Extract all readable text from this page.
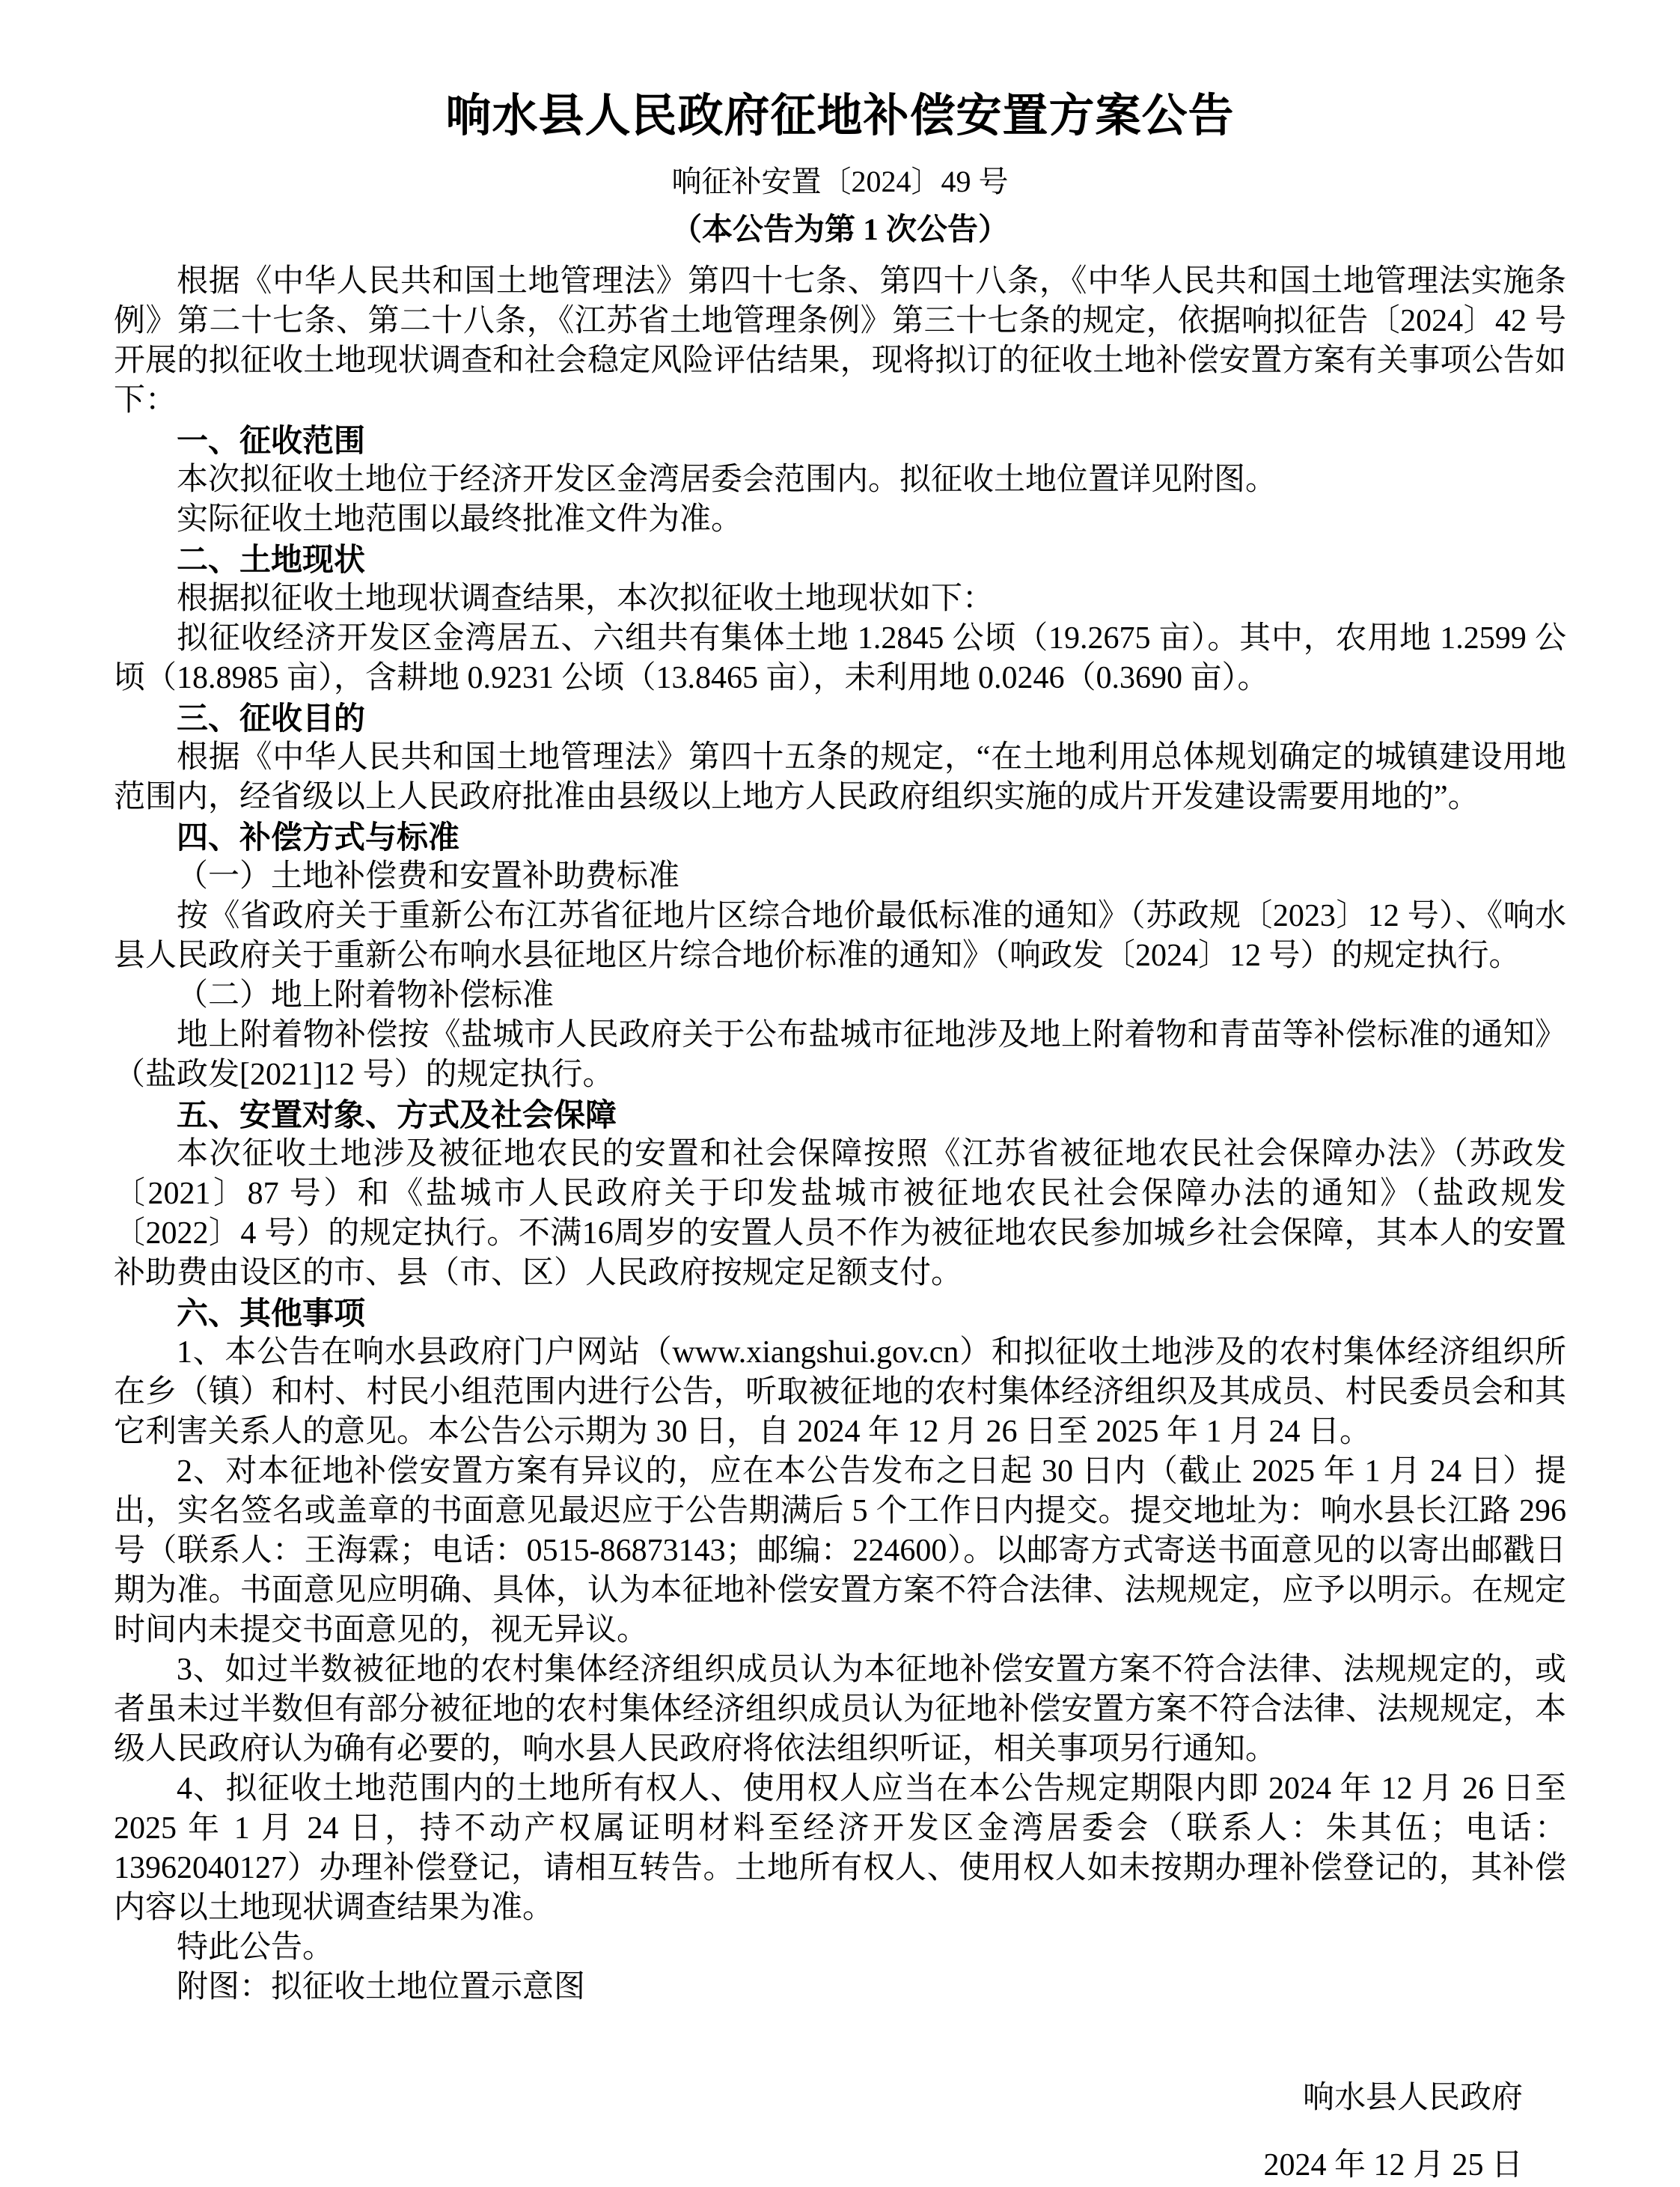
响水县人民政府征地补偿安置方案公告
响征补安置〔2024〕49 号
（本公告为第 1 次公告）

根据《中华人民共和国土地管理法》第四十七条、第四十八条，《中华人民共和国土地管理法实施条例》第二十七条、第二十八条，《江苏省土地管理条例》第三十七条的规定，依据响拟征告〔2024〕42 号开展的拟征收土地现状调查和社会稳定风险评估结果，现将拟订的征收土地补偿安置方案有关事项公告如下：

一、征收范围

本次拟征收土地位于经济开发区金湾居委会范围内。拟征收土地位置详见附图。

实际征收土地范围以最终批准文件为准。

二、土地现状

根据拟征收土地现状调查结果，本次拟征收土地现状如下：

拟征收经济开发区金湾居五、六组共有集体土地 1.2845 公顷（19.2675 亩）。其中，农用地 1.2599 公顷（18.8985 亩），含耕地 0.9231 公顷（13.8465 亩），未利用地 0.0246（0.3690 亩）。

三、征收目的

根据《中华人民共和国土地管理法》第四十五条的规定，“在土地利用总体规划确定的城镇建设用地范围内，经省级以上人民政府批准由县级以上地方人民政府组织实施的成片开发建设需要用地的”。

四、补偿方式与标准

（一）土地补偿费和安置补助费标准

按《省政府关于重新公布江苏省征地片区综合地价最低标准的通知》（苏政规〔2023〕12 号）、《响水县人民政府关于重新公布响水县征地区片综合地价标准的通知》（响政发〔2024〕12 号）的规定执行。

（二）地上附着物补偿标准

地上附着物补偿按《盐城市人民政府关于公布盐城市征地涉及地上附着物和青苗等补偿标准的通知》（盐政发[2021]12 号）的规定执行。

五、安置对象、方式及社会保障

本次征收土地涉及被征地农民的安置和社会保障按照《江苏省被征地农民社会保障办法》（苏政发〔2021〕87 号）和《盐城市人民政府关于印发盐城市被征地农民社会保障办法的通知》（盐政规发〔2022〕4 号）的规定执行。不满16周岁的安置人员不作为被征地农民参加城乡社会保障，其本人的安置补助费由设区的市、县（市、区）人民政府按规定足额支付。

六、其他事项

1、本公告在响水县政府门户网站（www.xiangshui.gov.cn）和拟征收土地涉及的农村集体经济组织所在乡（镇）和村、村民小组范围内进行公告，听取被征地的农村集体经济组织及其成员、村民委员会和其它利害关系人的意见。本公告公示期为 30 日，自 2024 年 12 月 26 日至 2025 年 1 月 24 日。

2、对本征地补偿安置方案有异议的，应在本公告发布之日起 30 日内（截止 2025 年 1 月 24 日）提出，实名签名或盖章的书面意见最迟应于公告期满后 5 个工作日内提交。提交地址为：响水县长江路 296 号（联系人：王海霖；电话：0515-86873143；邮编：224600）。以邮寄方式寄送书面意见的以寄出邮戳日期为准。书面意见应明确、具体，认为本征地补偿安置方案不符合法律、法规规定，应予以明示。在规定时间内未提交书面意见的，视无异议。

3、如过半数被征地的农村集体经济组织成员认为本征地补偿安置方案不符合法律、法规规定的，或者虽未过半数但有部分被征地的农村集体经济组织成员认为征地补偿安置方案不符合法律、法规规定，本级人民政府认为确有必要的，响水县人民政府将依法组织听证，相关事项另行通知。

4、拟征收土地范围内的土地所有权人、使用权人应当在本公告规定期限内即 2024 年 12 月 26 日至 2025 年 1 月 24 日，持不动产权属证明材料至经济开发区金湾居委会（联系人：朱其伍；电话：13962040127）办理补偿登记，请相互转告。土地所有权人、使用权人如未按期办理补偿登记的，其补偿内容以土地现状调查结果为准。

特此公告。

附图：拟征收土地位置示意图

响水县人民政府
2024 年 12 月 25 日
